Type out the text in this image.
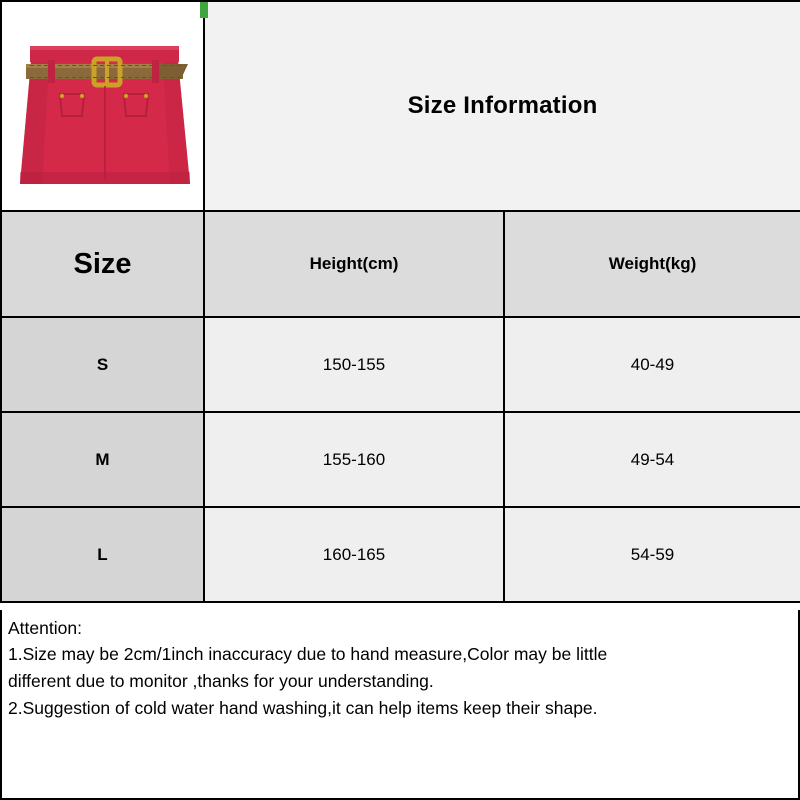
	Size Information	
Size	Height(cm)	Weight(kg)
S	150-155	40-49
M	155-160	49-54
L	160-165	54-59

Attention:

1.Size may be 2cm/1inch inaccuracy due to hand measure,Color may be little

different due to monitor ,thanks for your understanding.

2.Suggestion of cold water hand washing,it can help items keep their shape.
